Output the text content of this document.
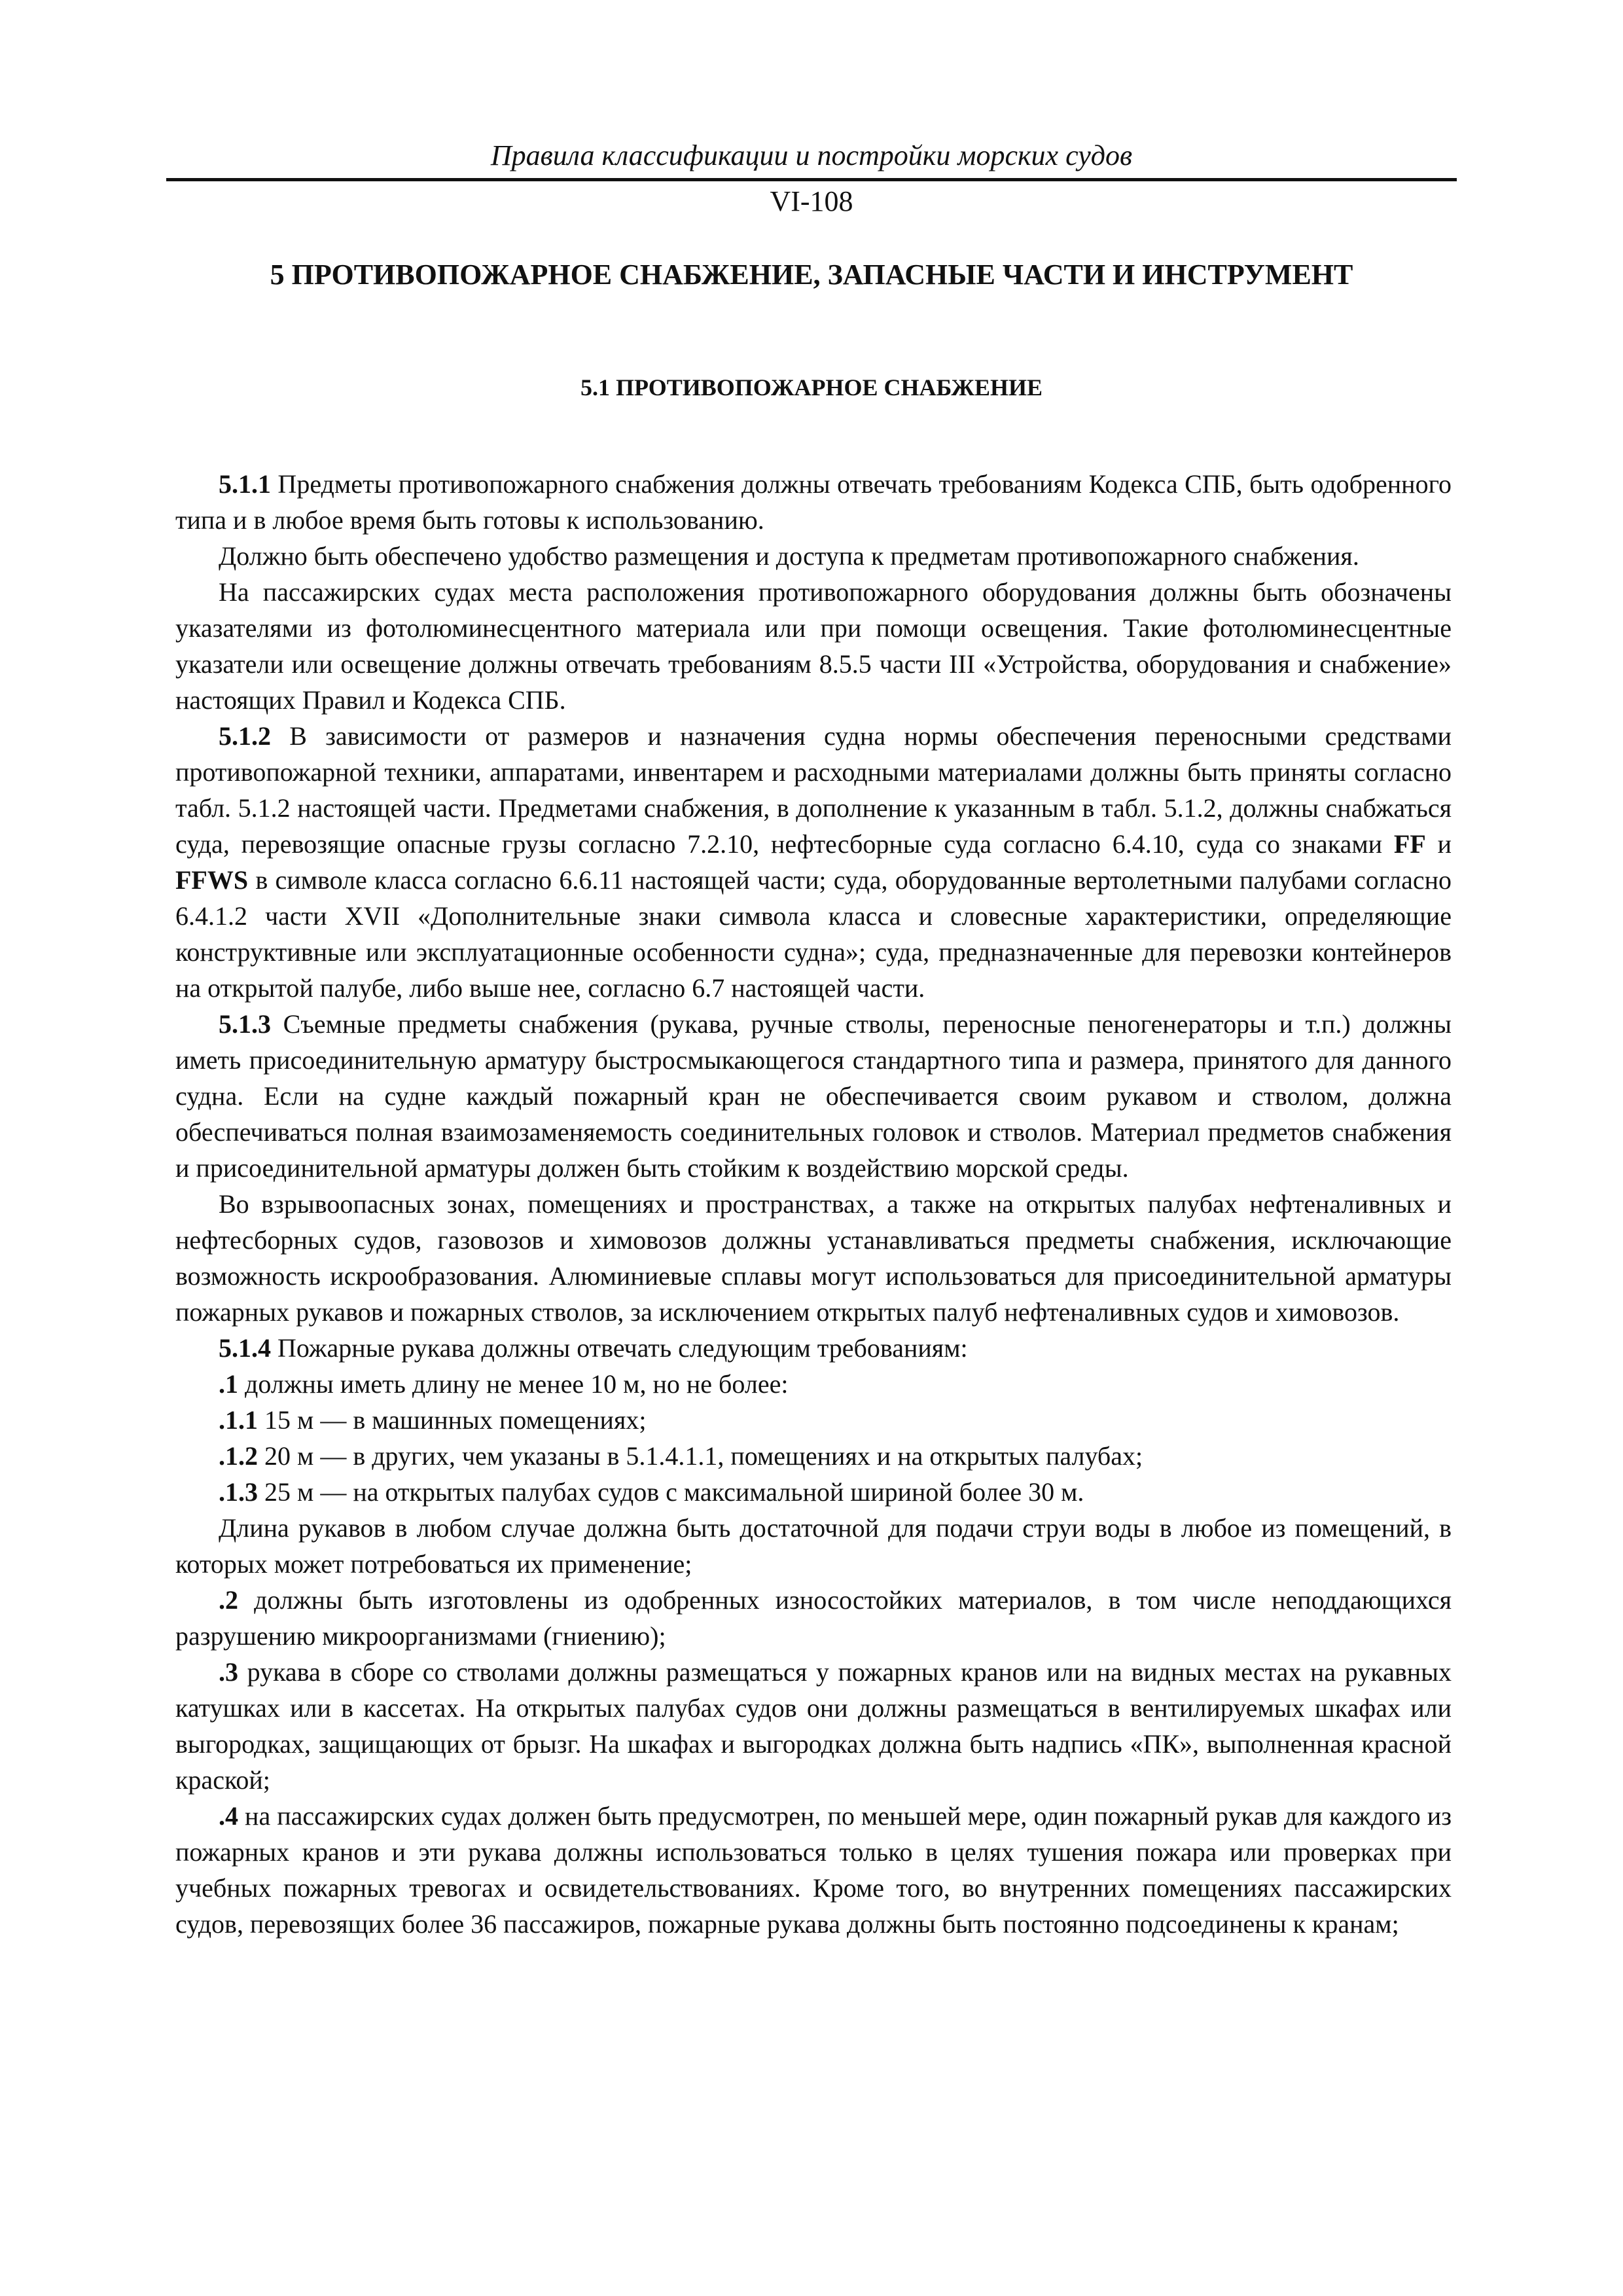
Правила классификации и постройки морских судов
VI-108
5 ПРОТИВОПОЖАРНОЕ СНАБЖЕНИЕ, ЗАПАСНЫЕ ЧАСТИ И ИНСТРУМЕНТ
5.1 ПРОТИВОПОЖАРНОЕ СНАБЖЕНИЕ

5.1.1 Предметы противопожарного снабжения должны отвечать требованиям Кодекса СПБ, быть одобренного типа и в любое время быть готовы к использованию.

Должно быть обеспечено удобство размещения и доступа к предметам противопожарного снабжения.

На пассажирских судах места расположения противопожарного оборудования должны быть обозначены указателями из фотолюминесцентного материала или при помощи освещения. Такие фотолюминесцентные указатели или освещение должны отвечать требованиям 8.5.5 части III «Устройства, оборудования и снабжение» настоящих Правил и Кодекса СПБ.

5.1.2 В зависимости от размеров и назначения судна нормы обеспечения переносными средствами противопожарной техники, аппаратами, инвентарем и расходными материалами должны быть приняты согласно табл. 5.1.2 настоящей части. Предметами снабжения, в дополнение к указанным в табл. 5.1.2, должны снабжаться суда, перевозящие опасные грузы согласно 7.2.10, нефтесборные суда согласно 6.4.10, суда со знаками FF и FFWS в символе класса согласно 6.6.11 настоящей части; суда, оборудованные вертолетными палубами согласно 6.4.1.2 части XVII «Дополнительные знаки символа класса и словесные характеристики, определяющие конструктивные или эксплуатационные особенности судна»; суда, предназначенные для перевозки контейнеров на открытой палубе, либо выше нее, согласно 6.7 настоящей части.

5.1.3 Съемные предметы снабжения (рукава, ручные стволы, переносные пеногенераторы и т.п.) должны иметь присоединительную арматуру быстросмыкающегося стандартного типа и размера, принятого для данного судна. Если на судне каждый пожарный кран не обеспечивается своим рукавом и стволом, должна обеспечиваться полная взаимозаменяемость соединительных головок и стволов. Материал предметов снабжения и присоединительной арматуры должен быть стойким к воздействию морской среды.

Во взрывоопасных зонах, помещениях и пространствах, а также на открытых палубах нефтеналивных и нефтесборных судов, газовозов и химовозов должны устанавливаться предметы снабжения, исключающие возможность искрообразования. Алюминиевые сплавы могут использоваться для присоединительной арматуры пожарных рукавов и пожарных стволов, за исключением открытых палуб нефтеналивных судов и химовозов.

5.1.4 Пожарные рукава должны отвечать следующим требованиям:

.1 должны иметь длину не менее 10 м, но не более:

.1.1 15 м — в машинных помещениях;

.1.2 20 м — в других, чем указаны в 5.1.4.1.1, помещениях и на открытых палубах;

.1.3 25 м — на открытых палубах судов с максимальной шириной более 30 м.

Длина рукавов в любом случае должна быть достаточной для подачи струи воды в любое из помещений, в которых может потребоваться их применение;

.2 должны быть изготовлены из одобренных износостойких материалов, в том числе неподдающихся разрушению микроорганизмами (гниению);

.3 рукава в сборе со стволами должны размещаться у пожарных кранов или на видных местах на рукавных катушках или в кассетах. На открытых палубах судов они должны размещаться в вентилируемых шкафах или выгородках, защищающих от брызг. На шкафах и выгородках должна быть надпись «ПК», выполненная красной краской;

.4 на пассажирских судах должен быть предусмотрен, по меньшей мере, один пожарный рукав для каждого из пожарных кранов и эти рукава должны использоваться только в целях тушения пожара или проверках при учебных пожарных тревогах и освидетельствованиях. Кроме того, во внутренних помещениях пассажирских судов, перевозящих более 36 пассажиров, пожарные рукава должны быть постоянно подсоединены к кранам;
